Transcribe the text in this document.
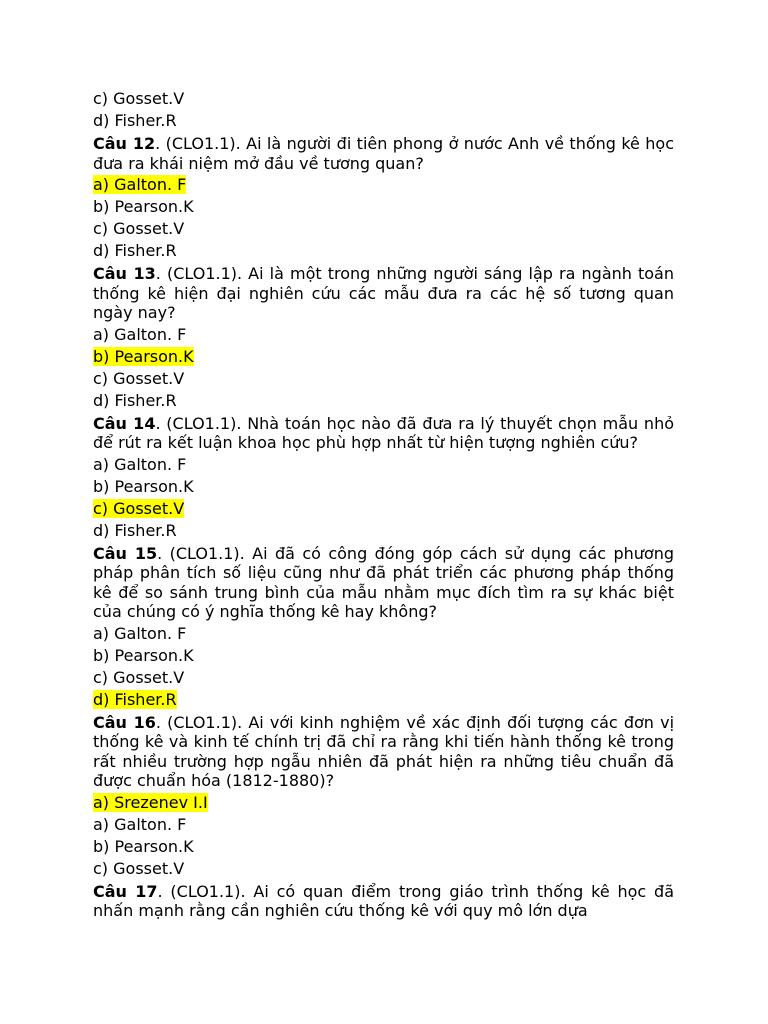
c) Gosset.V
d) Fisher.R
Câu 12. (CLO1.1). Ai là người đi tiên phong ở nước Anh về thống kê học đưa ra khái niệm mở đầu về tương quan?
a) Galton. F
b) Pearson.K
c) Gosset.V
d) Fisher.R
Câu 13. (CLO1.1). Ai là một trong những người sáng lập ra ngành toán thống kê hiện đại nghiên cứu các mẫu đưa ra các hệ số tương quan ngày nay?
a) Galton. F
b) Pearson.K
c) Gosset.V
d) Fisher.R
Câu 14. (CLO1.1). Nhà toán học nào đã đưa ra lý thuyết chọn mẫu nhỏ để rút ra kết luận khoa học phù hợp nhất từ hiện tượng nghiên cứu?
a) Galton. F
b) Pearson.K
c) Gosset.V
d) Fisher.R
Câu 15. (CLO1.1). Ai đã có công đóng góp cách sử dụng các phương pháp phân tích số liệu cũng như đã phát triển các phương pháp thống kê để so sánh trung bình của mẫu nhằm mục đích tìm ra sự khác biệt của chúng có ý nghĩa thống kê hay không?
a) Galton. F
b) Pearson.K
c) Gosset.V
d) Fisher.R
Câu 16. (CLO1.1). Ai với kinh nghiệm về xác định đối tượng các đơn vị thống kê và kinh tế chính trị đã chỉ ra rằng khi tiến hành thống kê trong rất nhiều trường hợp ngẫu nhiên đã phát hiện ra những tiêu chuẩn đã được chuẩn hóa (1812-1880)?
a) Srezenev I.I
a) Galton. F
b) Pearson.K
c) Gosset.V
Câu 17. (CLO1.1). Ai có quan điểm trong giáo trình thống kê học đã nhấn mạnh rằng cần nghiên cứu thống kê với quy mô lớn dựa
